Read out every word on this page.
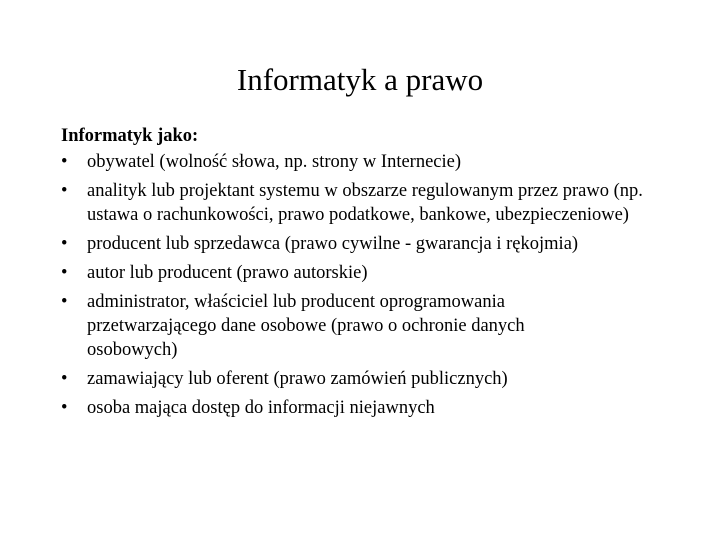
Informatyk a prawo
Informatyk jako:
• obywatel (wolność słowa, np. strony w Internecie)
• analityk lub projektant systemu w obszarze regulowanym przez prawo (np. ustawa o rachunkowości, prawo podatkowe, bankowe, ubezpieczeniowe)
• producent lub sprzedawca (prawo cywilne - gwarancja i rękojmia)
• autor lub producent (prawo autorskie)
• administrator, właściciel lub producent oprogramowania przetwarzającego dane osobowe (prawo o ochronie danych osobowych)
• zamawiający lub oferent (prawo zamówień publicznych)
• osoba mająca dostęp do informacji niejawnych
